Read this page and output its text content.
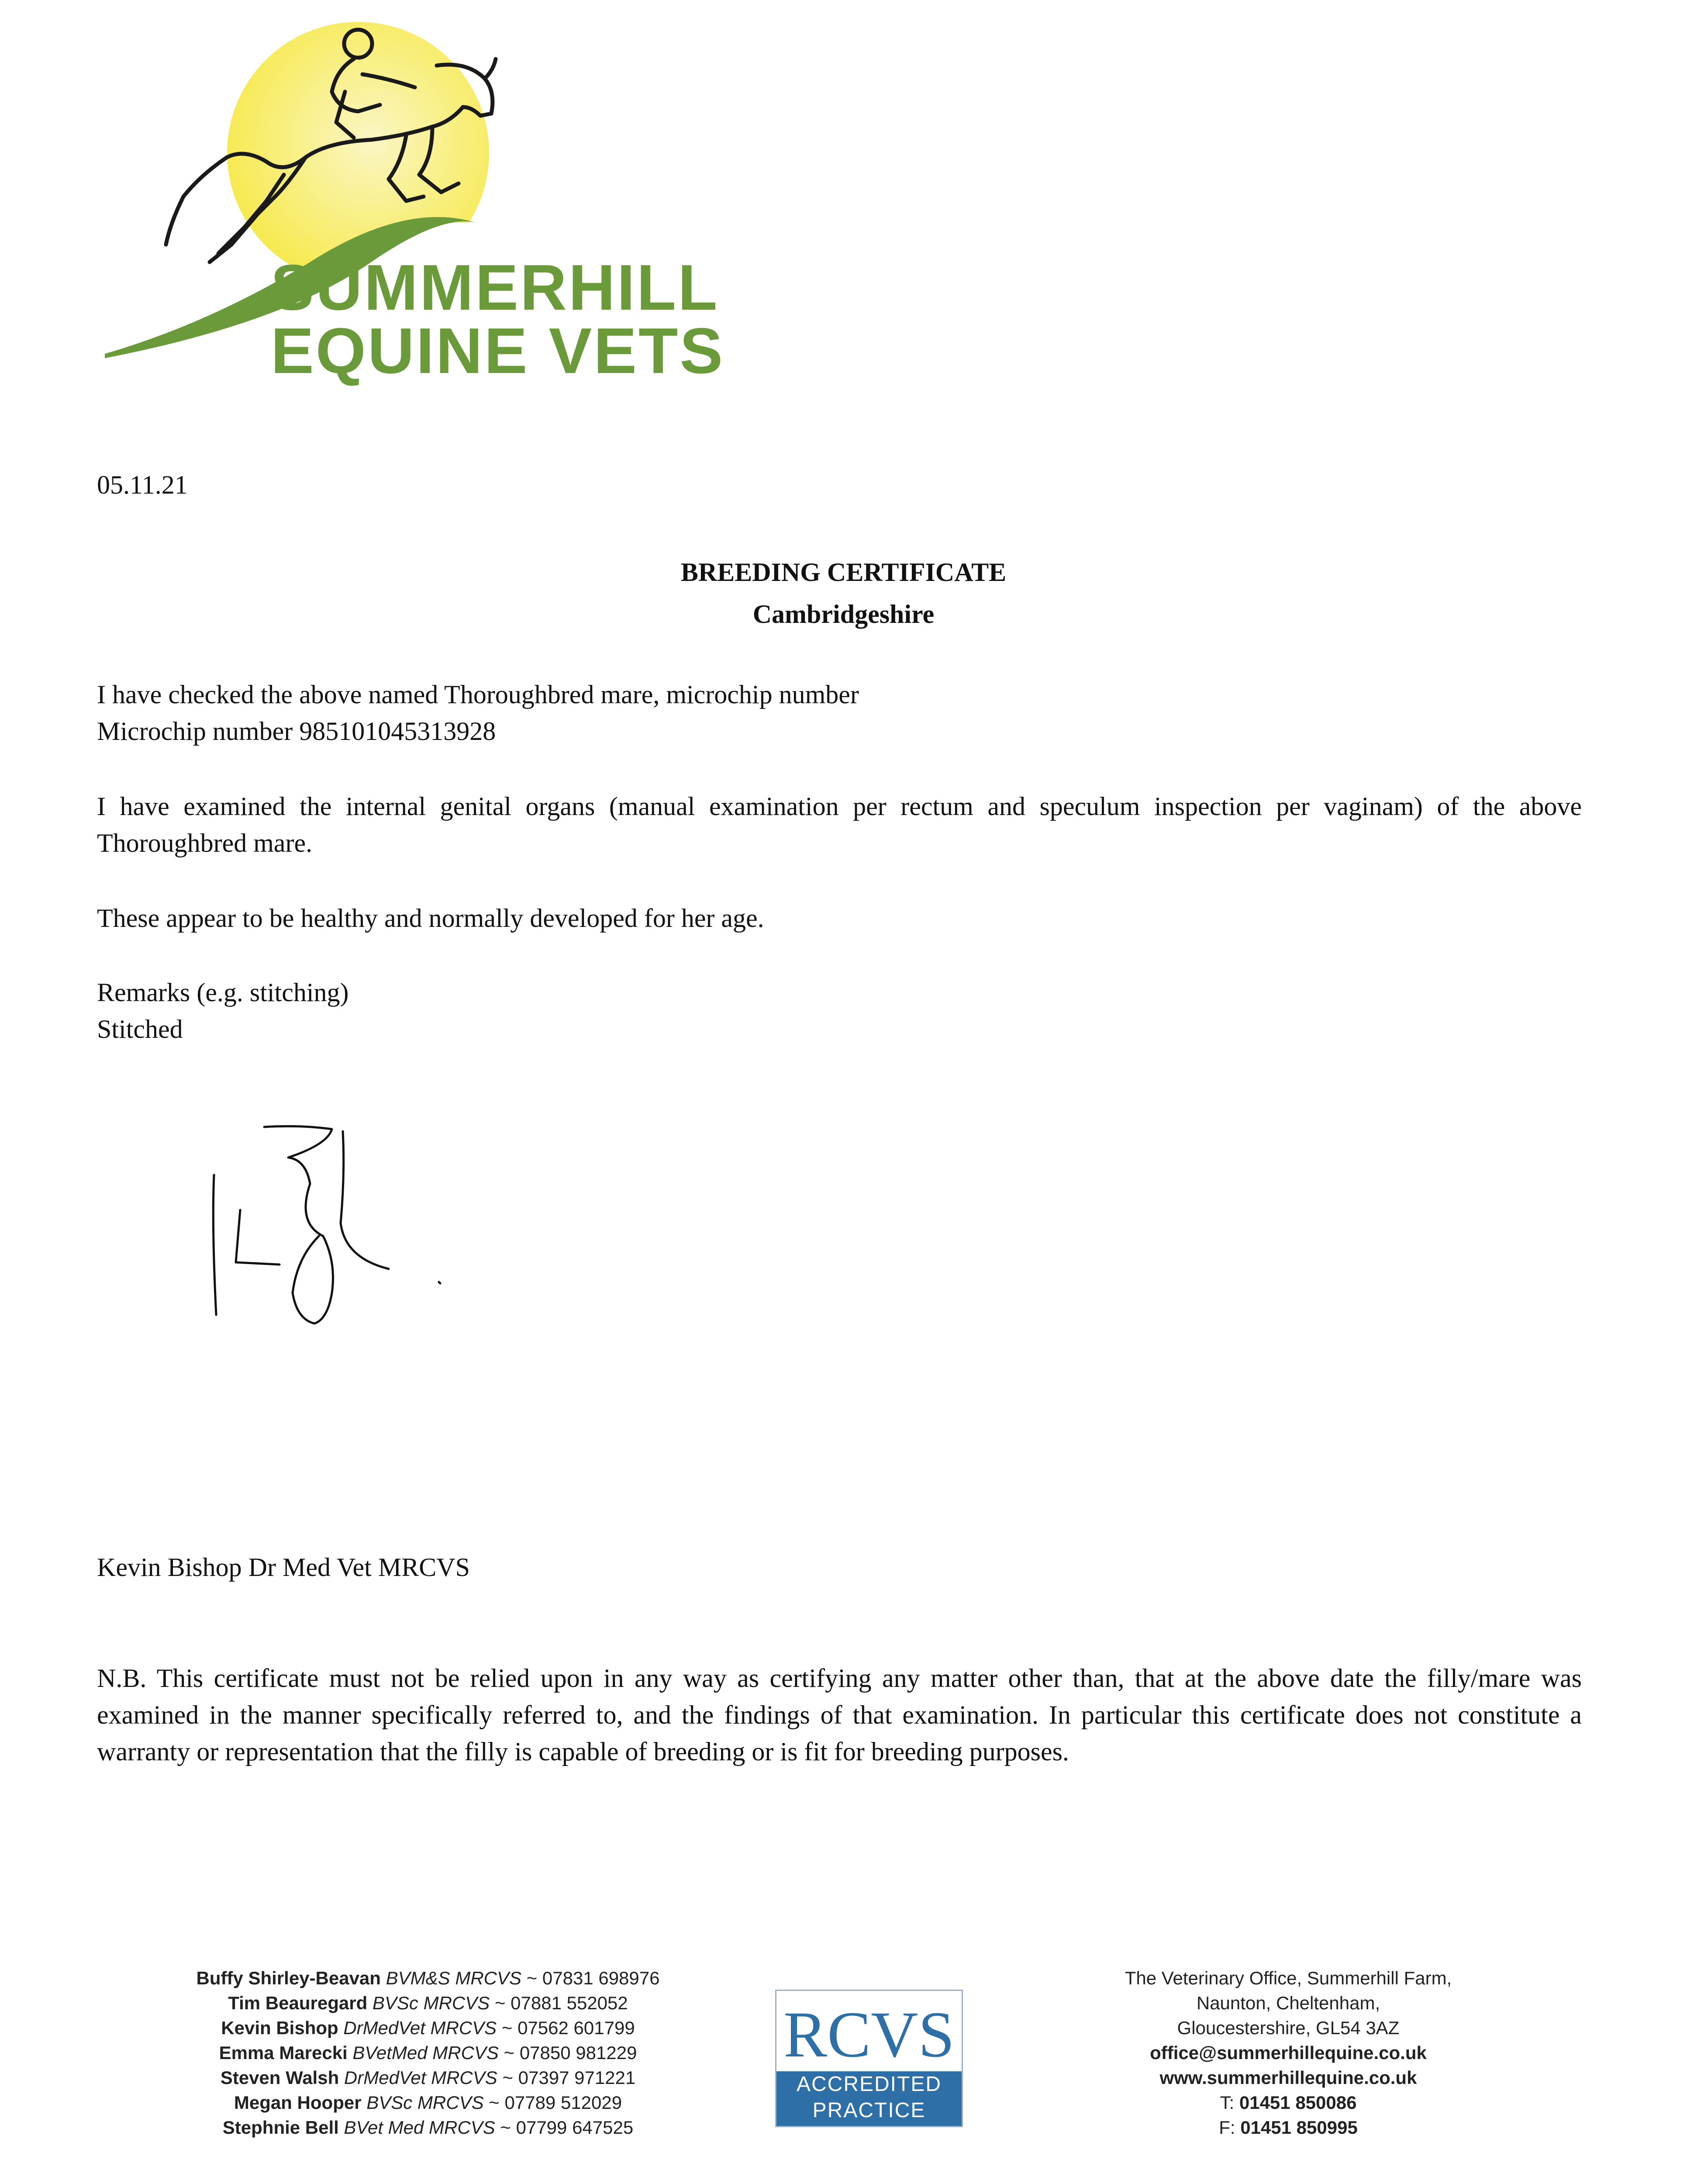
SUMMERHILL
EQUINE VETS
05.11.21
BREEDING CERTIFICATE
Cambridgeshire
I have checked the above named Thoroughbred mare, microchip number
Microchip number 985101045313928
I have examined the internal genital organs (manual examination per rectum and speculum inspection per vaginam) of the above Thoroughbred mare.
These appear to be healthy and normally developed for her age.
Remarks (e.g. stitching)
Stitched
Kevin Bishop Dr Med Vet MRCVS
N.B. This certificate must not be relied upon in any way as certifying any matter other than, that at the above date the filly/mare was examined in the manner specifically referred to, and the findings of that examination. In particular this certificate does not constitute a warranty or representation that the filly is capable of breeding or is fit for breeding purposes.
Buffy Shirley-Beavan BVM&S MRCVS ~ 07831 698976
Tim Beauregard BVSc MRCVS ~ 07881 552052
Kevin Bishop DrMedVet MRCVS ~ 07562 601799
Emma Marecki BVetMed MRCVS ~ 07850 981229
Steven Walsh DrMedVet MRCVS ~ 07397 971221
Megan Hooper BVSc MRCVS ~ 07789 512029
Stephnie Bell BVet Med MRCVS ~ 07799 647525
RCVS
ACCREDITED
PRACTICE
The Veterinary Office, Summerhill Farm,
Naunton, Cheltenham,
Gloucestershire, GL54 3AZ
office@summerhillequine.co.uk
www.summerhillequine.co.uk
T: 01451 850086
F: 01451 850995
